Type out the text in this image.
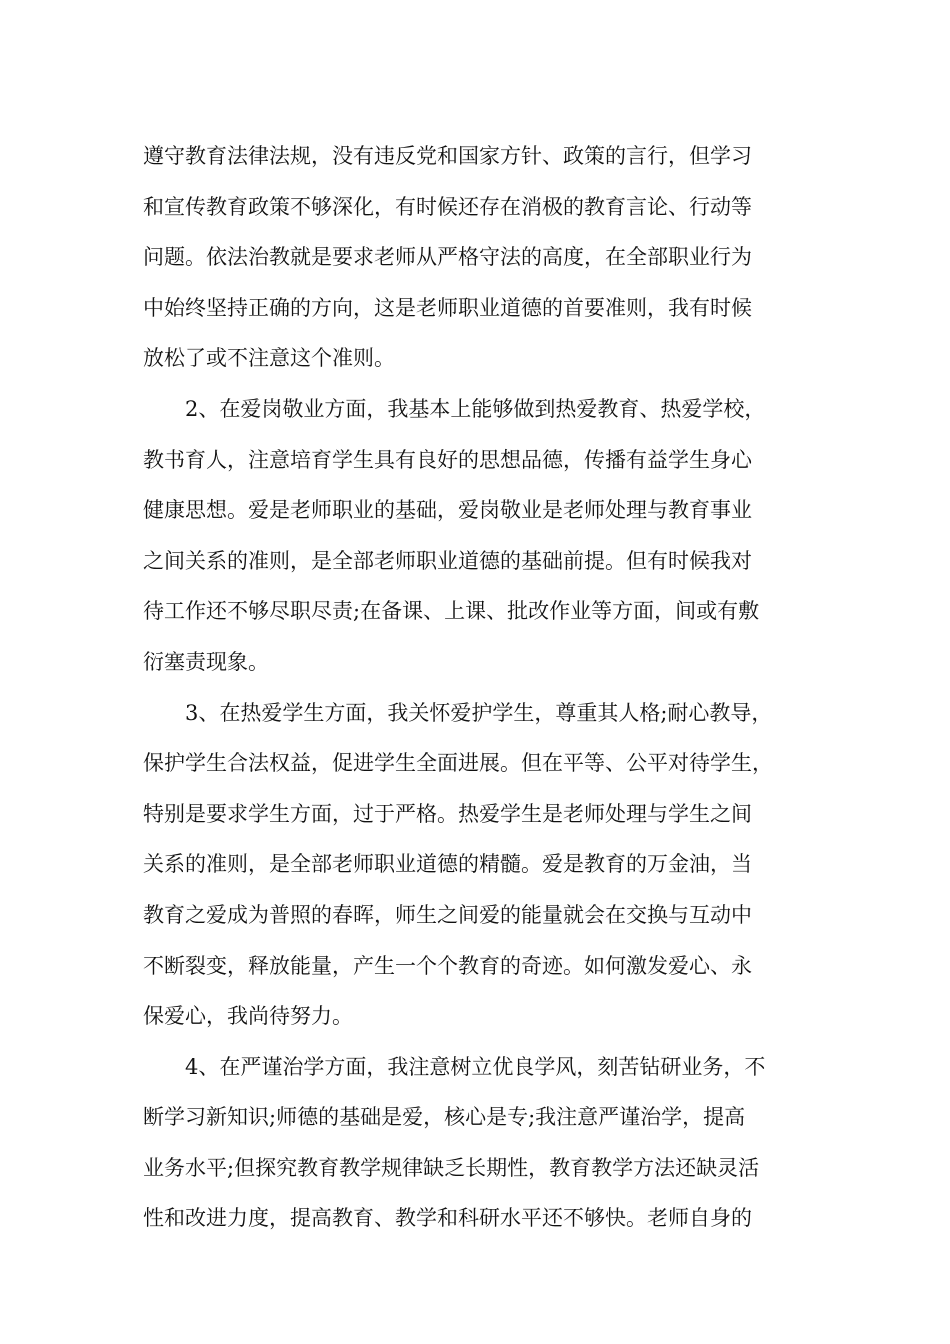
遵守教育法律法规，没有违反党和国家方针、政策的言行，但学习
和宣传教育政策不够深化，有时候还存在消极的教育言论、行动等
问题。依法治教就是要求老师从严格守法的高度，在全部职业行为
中始终坚持正确的方向，这是老师职业道德的首要准则，我有时候
放松了或不注意这个准则。
2、在爱岗敬业方面，我基本上能够做到热爱教育、热爱学校，
教书育人，注意培育学生具有良好的思想品德，传播有益学生身心
健康思想。爱是老师职业的基础，爱岗敬业是老师处理与教育事业
之间关系的准则，是全部老师职业道德的基础前提。但有时候我对
待工作还不够尽职尽责;在备课、上课、批改作业等方面，间或有敷
衍塞责现象。
3、在热爱学生方面，我关怀爱护学生，尊重其人格;耐心教导，
保护学生合法权益，促进学生全面进展。但在平等、公平对待学生，
特别是要求学生方面，过于严格。热爱学生是老师处理与学生之间
关系的准则，是全部老师职业道德的精髓。爱是教育的万金油，当
教育之爱成为普照的春晖，师生之间爱的能量就会在交换与互动中
不断裂变，释放能量，产生一个个教育的奇迹。如何激发爱心、永
保爱心，我尚待努力。
4、在严谨治学方面，我注意树立优良学风，刻苦钻研业务，不
断学习新知识;师德的基础是爱，核心是专;我注意严谨治学，提高
业务水平;但探究教育教学规律缺乏长期性，教育教学方法还缺灵活
性和改进力度，提高教育、教学和科研水平还不够快。老师自身的
